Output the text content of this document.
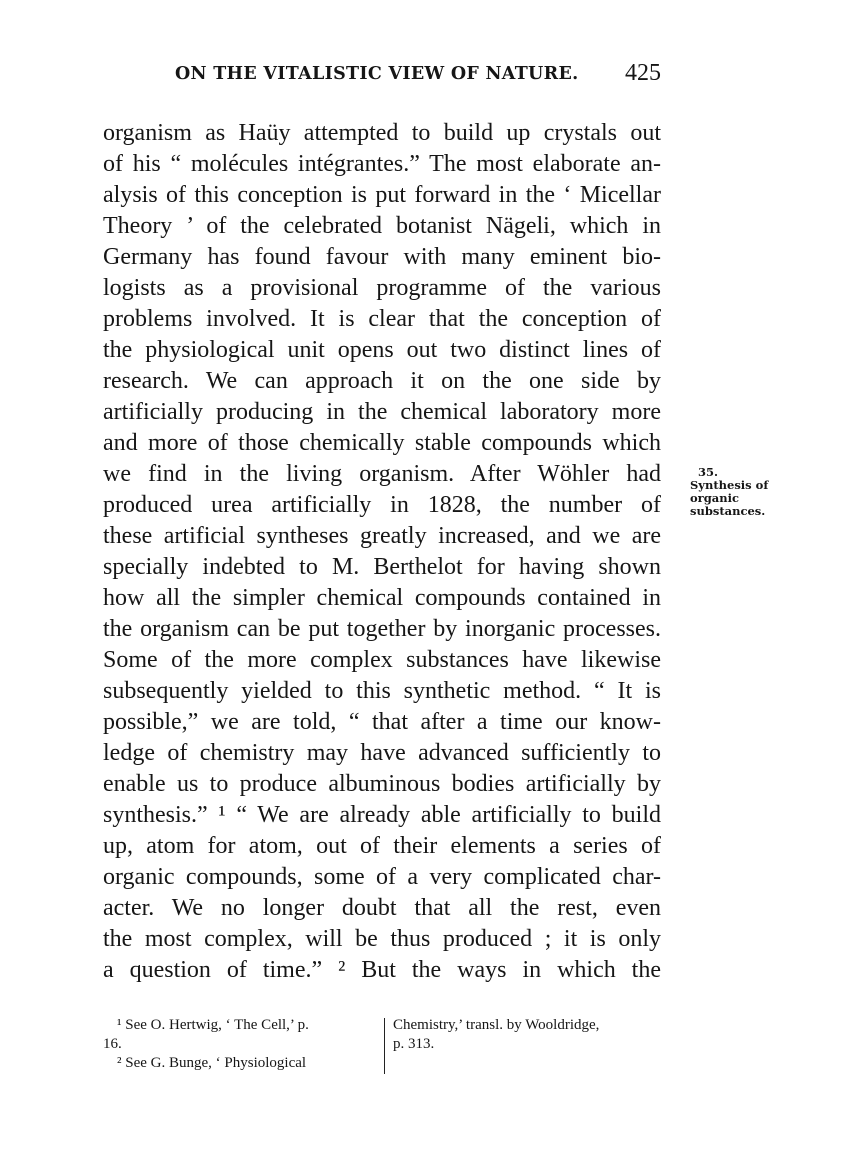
ON THE VITALISTIC VIEW OF NATURE. 425
organism as Haüy attempted to build up crystals out
of his “ molécules intégrantes.” The most elaborate an-
alysis of this conception is put forward in the ‘ Micellar
Theory ’ of the celebrated botanist Nägeli, which in
Germany has found favour with many eminent bio-
logists as a provisional programme of the various
problems involved. It is clear that the conception of
the physiological unit opens out two distinct lines of
research. We can approach it on the one side by
artificially producing in the chemical laboratory more
and more of those chemically stable compounds which
we find in the living organism. After Wöhler had
produced urea artificially in 1828, the number of
these artificial syntheses greatly increased, and we are
specially indebted to M. Berthelot for having shown
how all the simpler chemical compounds contained in
the organism can be put together by inorganic processes.
Some of the more complex substances have likewise
subsequently yielded to this synthetic method. “ It is
possible,” we are told, “ that after a time our know-
ledge of chemistry may have advanced sufficiently to
enable us to produce albuminous bodies artificially by
synthesis.” ¹ “ We are already able artificially to build
up, atom for atom, out of their elements a series of
organic compounds, some of a very complicated char-
acter. We no longer doubt that all the rest, even
the most complex, will be thus produced ; it is only
a question of time.” ² But the ways in which the
35.
Synthesis of
organic
substances.
¹ See O. Hertwig, ‘ The Cell,’ p.
16.
² See G. Bunge, ‘ Physiological
Chemistry,’ transl. by Wooldridge,
p. 313.
